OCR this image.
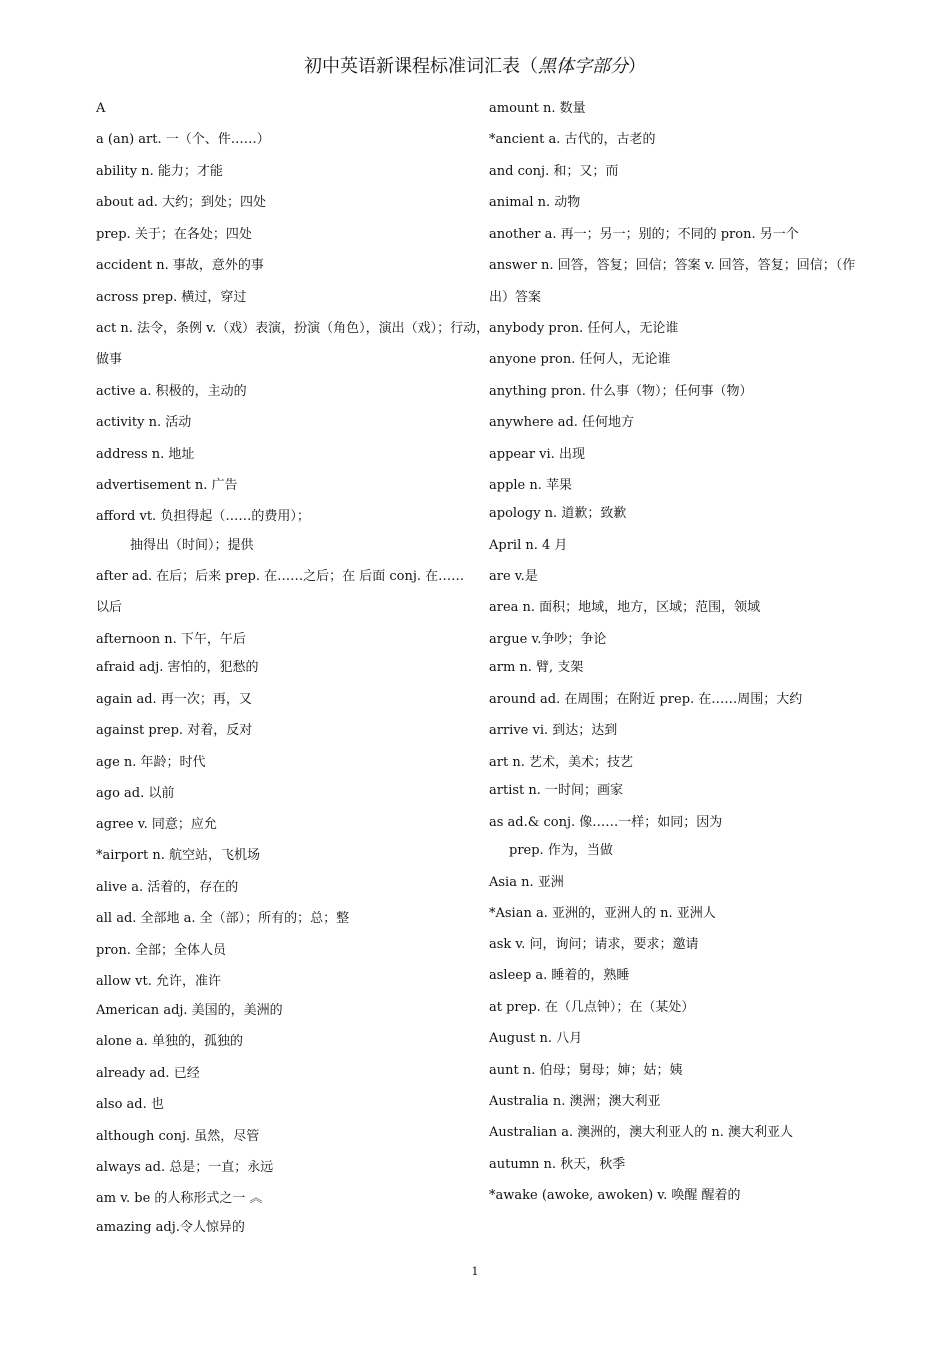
初中英语新课程标准词汇表（黑体字部分）
A
a (an) art. 一（个、件……）
ability n. 能力；才能
about ad. 大约；到处；四处
prep. 关于；在各处；四处
accident n. 事故，意外的事
across prep. 横过，穿过
act n. 法令，条例 v.（戏）表演，扮演（角色），演出（戏）；行动，
做事
active a. 积极的，主动的
activity n. 活动
address n. 地址
advertisement n. 广告
afford vt. 负担得起（……的费用）；
抽得出（时间）；提供
after ad. 在后；后来 prep. 在……之后；在 后面 conj. 在……
以后
afternoon n. 下午，午后
afraid adj. 害怕的，犯愁的
again ad. 再一次；再，又
against prep. 对着，反对
age n. 年龄；时代
ago ad. 以前
agree v. 同意；应允
*airport n. 航空站，飞机场
alive a. 活着的，存在的
all ad. 全部地 a. 全（部）；所有的；总；整
pron. 全部；全体人员
allow vt. 允许，准许
American adj. 美国的，美洲的
alone a. 单独的，孤独的
already ad. 已经
also ad. 也
although conj. 虽然，尽管
always ad. 总是；一直；永远
am v. be 的人称形式之一 ︽
amazing adj.令人惊异的
amount n. 数量
*ancient a. 古代的，古老的
and conj. 和；又；而
animal n. 动物
another a. 再一；另一；别的；不同的 pron. 另一个
answer n. 回答，答复；回信；答案 v. 回答，答复；回信；（作
出）答案
anybody pron. 任何人，无论谁
anyone pron. 任何人，无论谁
anything pron. 什么事（物）；任何事（物）
anywhere ad. 任何地方
appear vi. 出现
apple n. 苹果
apology n. 道歉；致歉
April n. 4 月
are v.是
area n. 面积；地域，地方，区域；范围，领域
argue v.争吵；争论
arm n. 臂, 支架
around ad. 在周围；在附近 prep. 在……周围；大约
arrive vi. 到达；达到
art n. 艺术，美术；技艺
artist n. 一时间；画家
as ad.& conj. 像……一样；如同；因为
prep. 作为，当做
Asia n. 亚洲
*Asian a. 亚洲的，亚洲人的 n. 亚洲人
ask v. 问，询问；请求，要求；邀请
asleep a. 睡着的，熟睡
at prep. 在（几点钟）；在（某处）
August n. 八月
aunt n. 伯母；舅母；婶；姑；姨
Australia n. 澳洲；澳大利亚
Australian a. 澳洲的，澳大利亚人的 n. 澳大利亚人
autumn n. 秋天，秋季
*awake (awoke, awoken) v. 唤醒 醒着的
1
